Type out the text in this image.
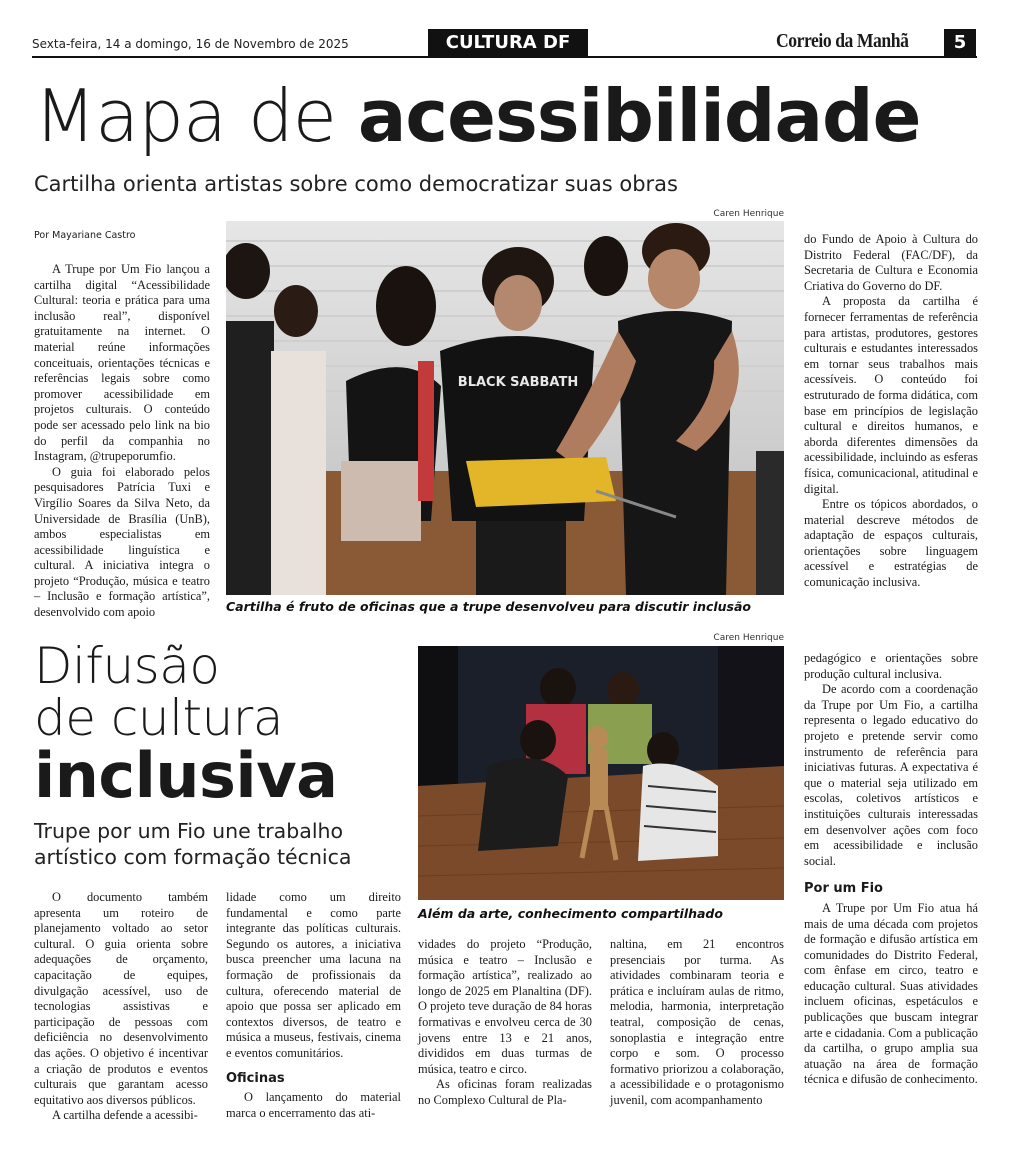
Sexta-feira, 14 a domingo, 16 de Novembro de 2025	CULTURA DF	Correio da Manhã	5
Mapa de acessibilidade
Cartilha orienta artistas sobre como democratizar suas obras
Por Mayariane Castro

A Trupe por Um Fio lançou a cartilha digital “Acessibilidade Cultural: teoria e prática para uma inclusão real”, disponível gratuitamente na internet. O material reúne informações conceituais, orientações técnicas e referências legais sobre como promover acessibilidade em projetos culturais. O conteúdo pode ser acessado pelo link na bio do perfil da companhia no Instagram, @trupeporumfio.

O guia foi elaborado pelos pesquisadores Patrícia Tuxi e Virgílio Soares da Silva Neto, da Universidade de Brasília (UnB), ambos especialistas em acessibilidade linguística e cultural. A iniciativa integra o projeto “Produção, música e teatro – Inclusão e formação artística”, desenvolvido com apoio

Caren Henrique
BLACK SABBATH
Cartilha é fruto de oficinas que a trupe desenvolveu para discutir inclusão

do Fundo de Apoio à Cultura do Distrito Federal (FAC/DF), da Secretaria de Cultura e Economia Criativa do Governo do DF.

A proposta da cartilha é fornecer ferramentas de referência para artistas, produtores, gestores culturais e estudantes interessados em tornar seus trabalhos mais acessíveis. O conteúdo foi estruturado de forma didática, com base em princípios de legislação cultural e direitos humanos, e aborda diferentes dimensões da acessibilidade, incluindo as esferas física, comunicacional, atitudinal e digital.

Entre os tópicos abordados, o material descreve métodos de adaptação de espaços culturais, orientações sobre linguagem acessível e estratégias de comunicação inclusiva.

Difusão
de cultura
inclusiva
Trupe por um Fio une trabalho artístico com formação técnica
Caren Henrique
Além da arte, conhecimento compartilhado

O documento também apresenta um roteiro de planejamento voltado ao setor cultural. O guia orienta sobre adequações de orçamento, capacitação de equipes, divulgação acessível, uso de tecnologias assistivas e participação de pessoas com deficiência no desenvolvimento das ações. O objetivo é incentivar a criação de produtos e eventos culturais que garantam acesso equitativo aos diversos públicos.

A cartilha defende a acessibi-

lidade como um direito fundamental e como parte integrante das políticas culturais. Segundo os autores, a iniciativa busca preencher uma lacuna na formação de profissionais da cultura, oferecendo material de apoio que possa ser aplicado em contextos diversos, de teatro e música a museus, festivais, cinema e eventos comunitários.

Oficinas

O lançamento do material marca o encerramento das ati-

vidades do projeto “Produção, música e teatro – Inclusão e formação artística”, realizado ao longo de 2025 em Planaltina (DF). O projeto teve duração de 84 horas formativas e envolveu cerca de 30 jovens entre 13 e 21 anos, divididos em duas turmas de música, teatro e circo.

As oficinas foram realizadas no Complexo Cultural de Pla-

naltina, em 21 encontros presenciais por turma. As atividades combinaram teoria e prática e incluíram aulas de ritmo, melodia, harmonia, interpretação teatral, composição de cenas, sonoplastia e integração entre corpo e som. O processo formativo priorizou a colaboração, a acessibilidade e o protagonismo juvenil, com acompanhamento

pedagógico e orientações sobre produção cultural inclusiva.

De acordo com a coordenação da Trupe por Um Fio, a cartilha representa o legado educativo do projeto e pretende servir como instrumento de referência para iniciativas futuras. A expectativa é que o material seja utilizado em escolas, coletivos artísticos e instituições culturais interessadas em desenvolver ações com foco em acessibilidade e inclusão social.

Por um Fio

A Trupe por Um Fio atua há mais de uma década com projetos de formação e difusão artística em comunidades do Distrito Federal, com ênfase em circo, teatro e educação cultural. Suas atividades incluem oficinas, espetáculos e publicações que buscam integrar arte e cidadania. Com a publicação da cartilha, o grupo amplia sua atuação na área de formação técnica e difusão de conhecimento.
